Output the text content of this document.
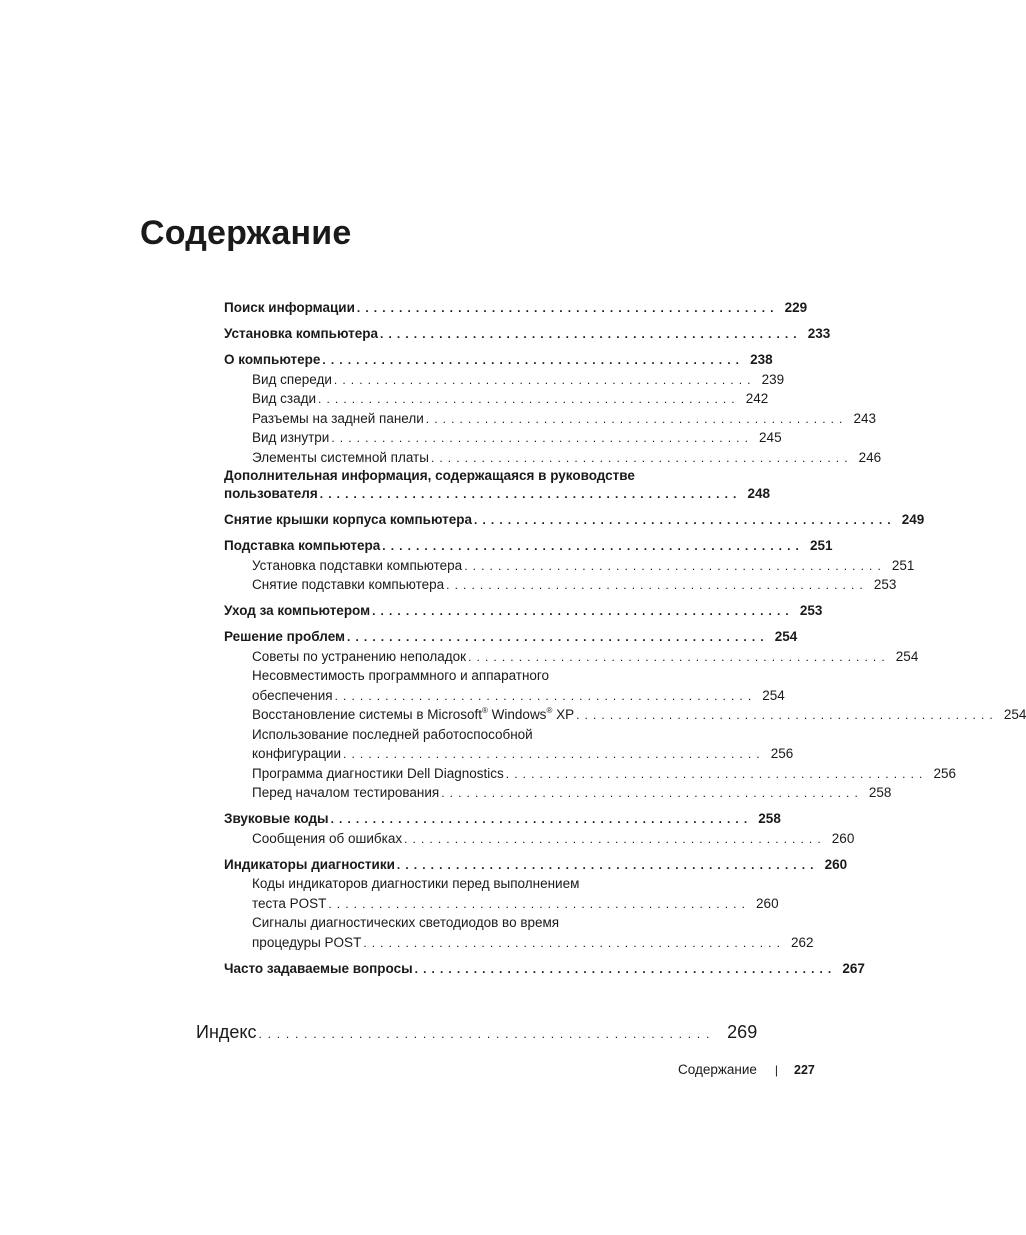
Содержание
Поиск информации .................................................. 229
Установка компьютера .................................................. 233
О компьютере .................................................. 238
Вид спереди .................................................. 239
Вид сзади .................................................. 242
Разъемы на задней панели .................................................. 243
Вид изнутри .................................................. 245
Элементы системной платы .................................................. 246
Дополнительная информация, содержащаяся в руководстве
пользователя .................................................. 248
Снятие крышки корпуса компьютера .................................................. 249
Подставка компьютера .................................................. 251
Установка подставки компьютера .................................................. 251
Снятие подставки компьютера .................................................. 253
Уход за компьютером .................................................. 253
Решение проблем .................................................. 254
Советы по устранению неполадок .................................................. 254
Несовместимость программного и аппаратного
обеспечения .................................................. 254
Восстановление системы в Microsoft® Windows® XP .................................................. 254
Использование последней работоспособной
конфигурации .................................................. 256
Программа диагностики Dell Diagnostics .................................................. 256
Перед началом тестирования .................................................. 258
Звуковые коды .................................................. 258
Сообщения об ошибках .................................................. 260
Индикаторы диагностики .................................................. 260
Коды индикаторов диагностики перед выполнением
теста POST .................................................. 260
Сигналы диагностических светодиодов во время
процедуры POST .................................................. 262
Часто задаваемые вопросы .................................................. 267
Индекс .................................................. 269
Содержание | 227
